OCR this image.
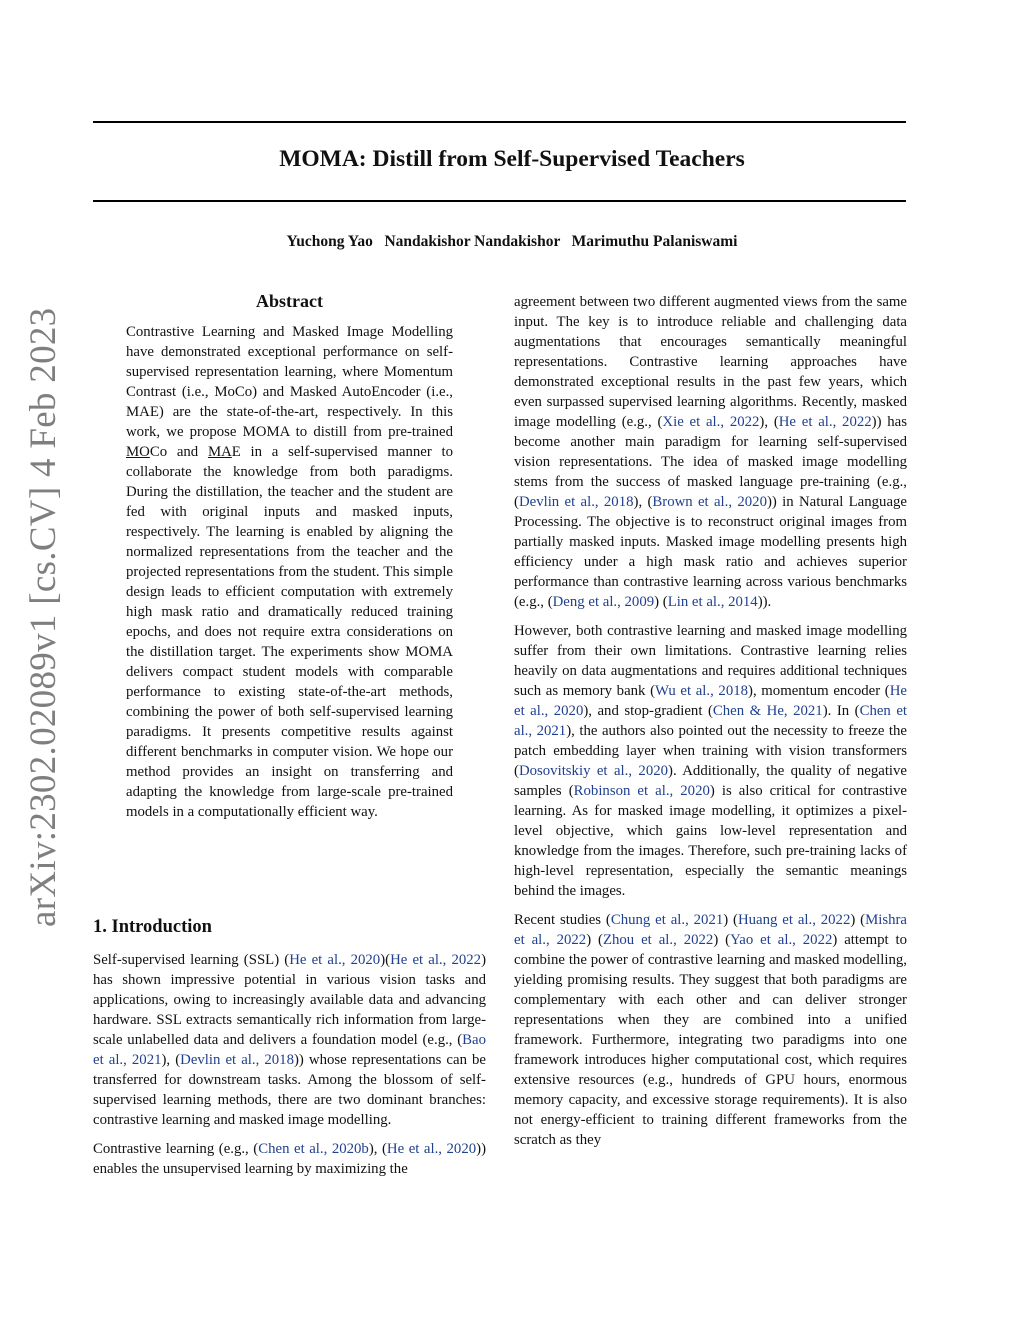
MOMA: Distill from Self-Supervised Teachers
Yuchong Yao   Nandakishor Nandakishor   Marimuthu Palaniswami
arXiv:2302.02089v1 [cs.CV] 4 Feb 2023
Abstract

Contrastive Learning and Masked Image Modelling have demonstrated exceptional performance on self-supervised representation learning, where Momentum Contrast (i.e., MoCo) and Masked AutoEncoder (i.e., MAE) are the state-of-the-art, respectively. In this work, we propose MOMA to distill from pre-trained MOCo and MAE in a self-supervised manner to collaborate the knowledge from both paradigms. During the distillation, the teacher and the student are fed with original inputs and masked inputs, respectively. The learning is enabled by aligning the normalized representations from the teacher and the projected representations from the student. This simple design leads to efficient computation with extremely high mask ratio and dramatically reduced training epochs, and does not require extra considerations on the distillation target. The experiments show MOMA delivers compact student models with comparable performance to existing state-of-the-art methods, combining the power of both self-supervised learning paradigms. It presents competitive results against different benchmarks in computer vision. We hope our method provides an insight on transferring and adapting the knowledge from large-scale pre-trained models in a computationally efficient way.

1. Introduction

Self-supervised learning (SSL) (He et al., 2020)(He et al., 2022) has shown impressive potential in various vision tasks and applications, owing to increasingly available data and advancing hardware. SSL extracts semantically rich information from large-scale unlabelled data and delivers a foundation model (e.g., (Bao et al., 2021), (Devlin et al., 2018)) whose representations can be transferred for downstream tasks. Among the blossom of self-supervised learning methods, there are two dominant branches: contrastive learning and masked image modelling.

Contrastive learning (e.g., (Chen et al., 2020b), (He et al., 2020)) enables the unsupervised learning by maximizing the

agreement between two different augmented views from the same input. The key is to introduce reliable and challenging data augmentations that encourages semantically meaningful representations. Contrastive learning approaches have demonstrated exceptional results in the past few years, which even surpassed supervised learning algorithms. Recently, masked image modelling (e.g., (Xie et al., 2022), (He et al., 2022)) has become another main paradigm for learning self-supervised vision representations. The idea of masked image modelling stems from the success of masked language pre-training (e.g., (Devlin et al., 2018), (Brown et al., 2020)) in Natural Language Processing. The objective is to reconstruct original images from partially masked inputs. Masked image modelling presents high efficiency under a high mask ratio and achieves superior performance than contrastive learning across various benchmarks (e.g., (Deng et al., 2009) (Lin et al., 2014)).

However, both contrastive learning and masked image modelling suffer from their own limitations. Contrastive learning relies heavily on data augmentations and requires additional techniques such as memory bank (Wu et al., 2018), momentum encoder (He et al., 2020), and stop-gradient (Chen & He, 2021). In (Chen et al., 2021), the authors also pointed out the necessity to freeze the patch embedding layer when training with vision transformers (Dosovitskiy et al., 2020). Additionally, the quality of negative samples (Robinson et al., 2020) is also critical for contrastive learning. As for masked image modelling, it optimizes a pixel-level objective, which gains low-level representation and knowledge from the images. Therefore, such pre-training lacks of high-level representation, especially the semantic meanings behind the images.

Recent studies (Chung et al., 2021) (Huang et al., 2022) (Mishra et al., 2022) (Zhou et al., 2022) (Yao et al., 2022) attempt to combine the power of contrastive learning and masked modelling, yielding promising results. They suggest that both paradigms are complementary with each other and can deliver stronger representations when they are combined into a unified framework. Furthermore, integrating two paradigms into one framework introduces higher computational cost, which requires extensive resources (e.g., hundreds of GPU hours, enormous memory capacity, and excessive storage requirements). It is also not energy-efficient to training different frameworks from the scratch as they
